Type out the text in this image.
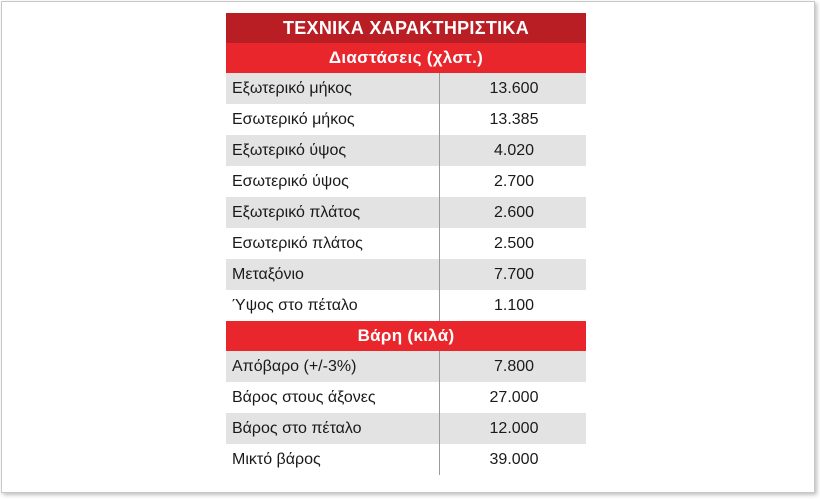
ΤΕΧΝΙΚΑ ΧΑΡΑΚΤΗΡΙΣΤΙΚΑ
Διαστάσεις (χλστ.)
Εξωτερικό μήκος	13.600
Εσωτερικό μήκος	13.385
Εξωτερικό ύψος	4.020
Εσωτερικό ύψος	2.700
Εξωτερικό πλάτος	2.600
Εσωτερικό πλάτος	2.500
Μεταξόνιο	7.700
Ύψος στο πέταλο	1.100
Βάρη (κιλά)
Απόβαρο (+/-3%)	7.800
Βάρος στους άξονες	27.000
Βάρος στο πέταλο	12.000
Μικτό βάρος	39.000
